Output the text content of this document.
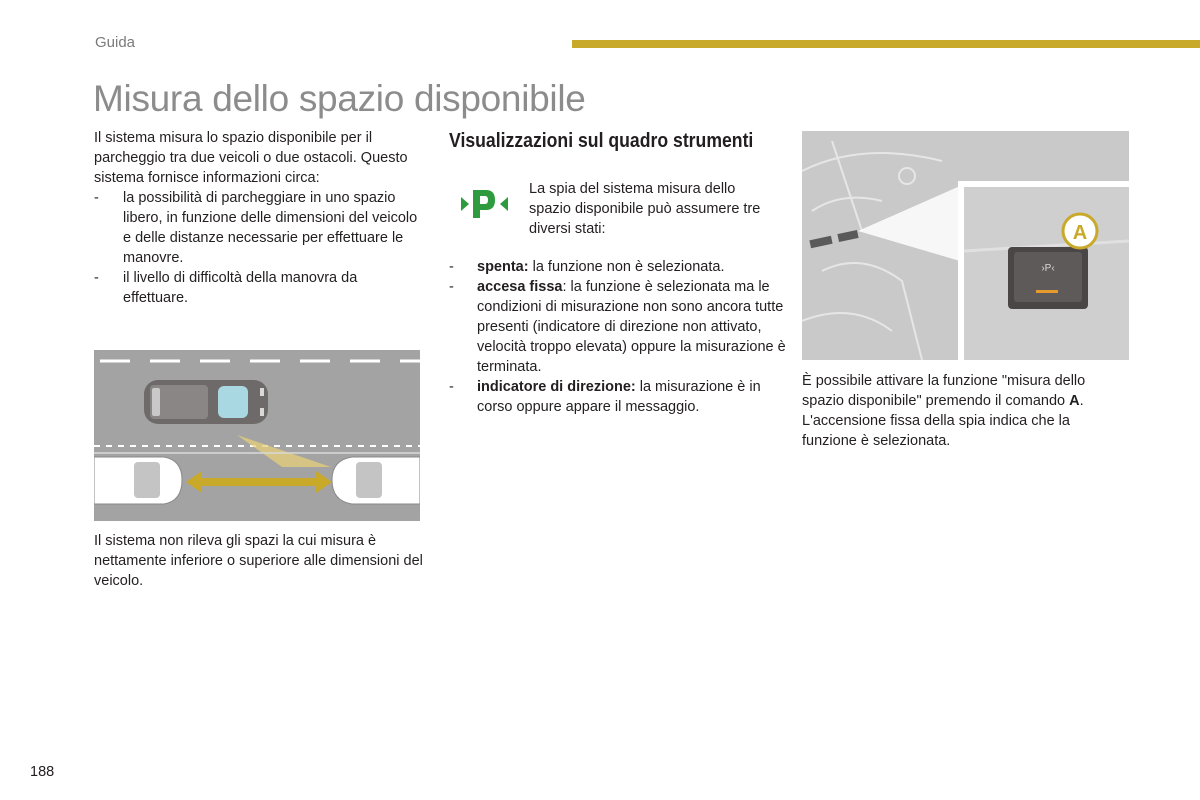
Guida
Misura dello spazio disponibile

Il sistema misura lo spazio disponibile per il parcheggio tra due veicoli o due ostacoli. Questo sistema fornisce informazioni circa:

- la possibilità di parcheggiare in uno spazio libero, in funzione delle dimensioni del veicolo e delle distanze necessarie per effettuare le manovre.
- il livello di difficoltà della manovra da effettuare.

Il sistema non rileva gli spazi la cui misura è nettamente inferiore o superiore alle dimensioni del veicolo.

Visualizzazioni sul quadro strumenti
La spia del sistema misura dello spazio disponibile può assumere tre diversi stati:
- spenta: la funzione non è selezionata.
- accesa fissa: la funzione è selezionata ma le condizioni di misurazione non sono ancora tutte presenti (indicatore di direzione non attivato, velocità troppo elevata) oppure la misurazione è terminata.
- indicatore di direzione: la misurazione è in corso oppure appare il messaggio.
›P‹
A

È possibile attivare la funzione "misura dello spazio disponibile" premendo il comando A.

L'accensione fissa della spia indica che la funzione è selezionata.

188
